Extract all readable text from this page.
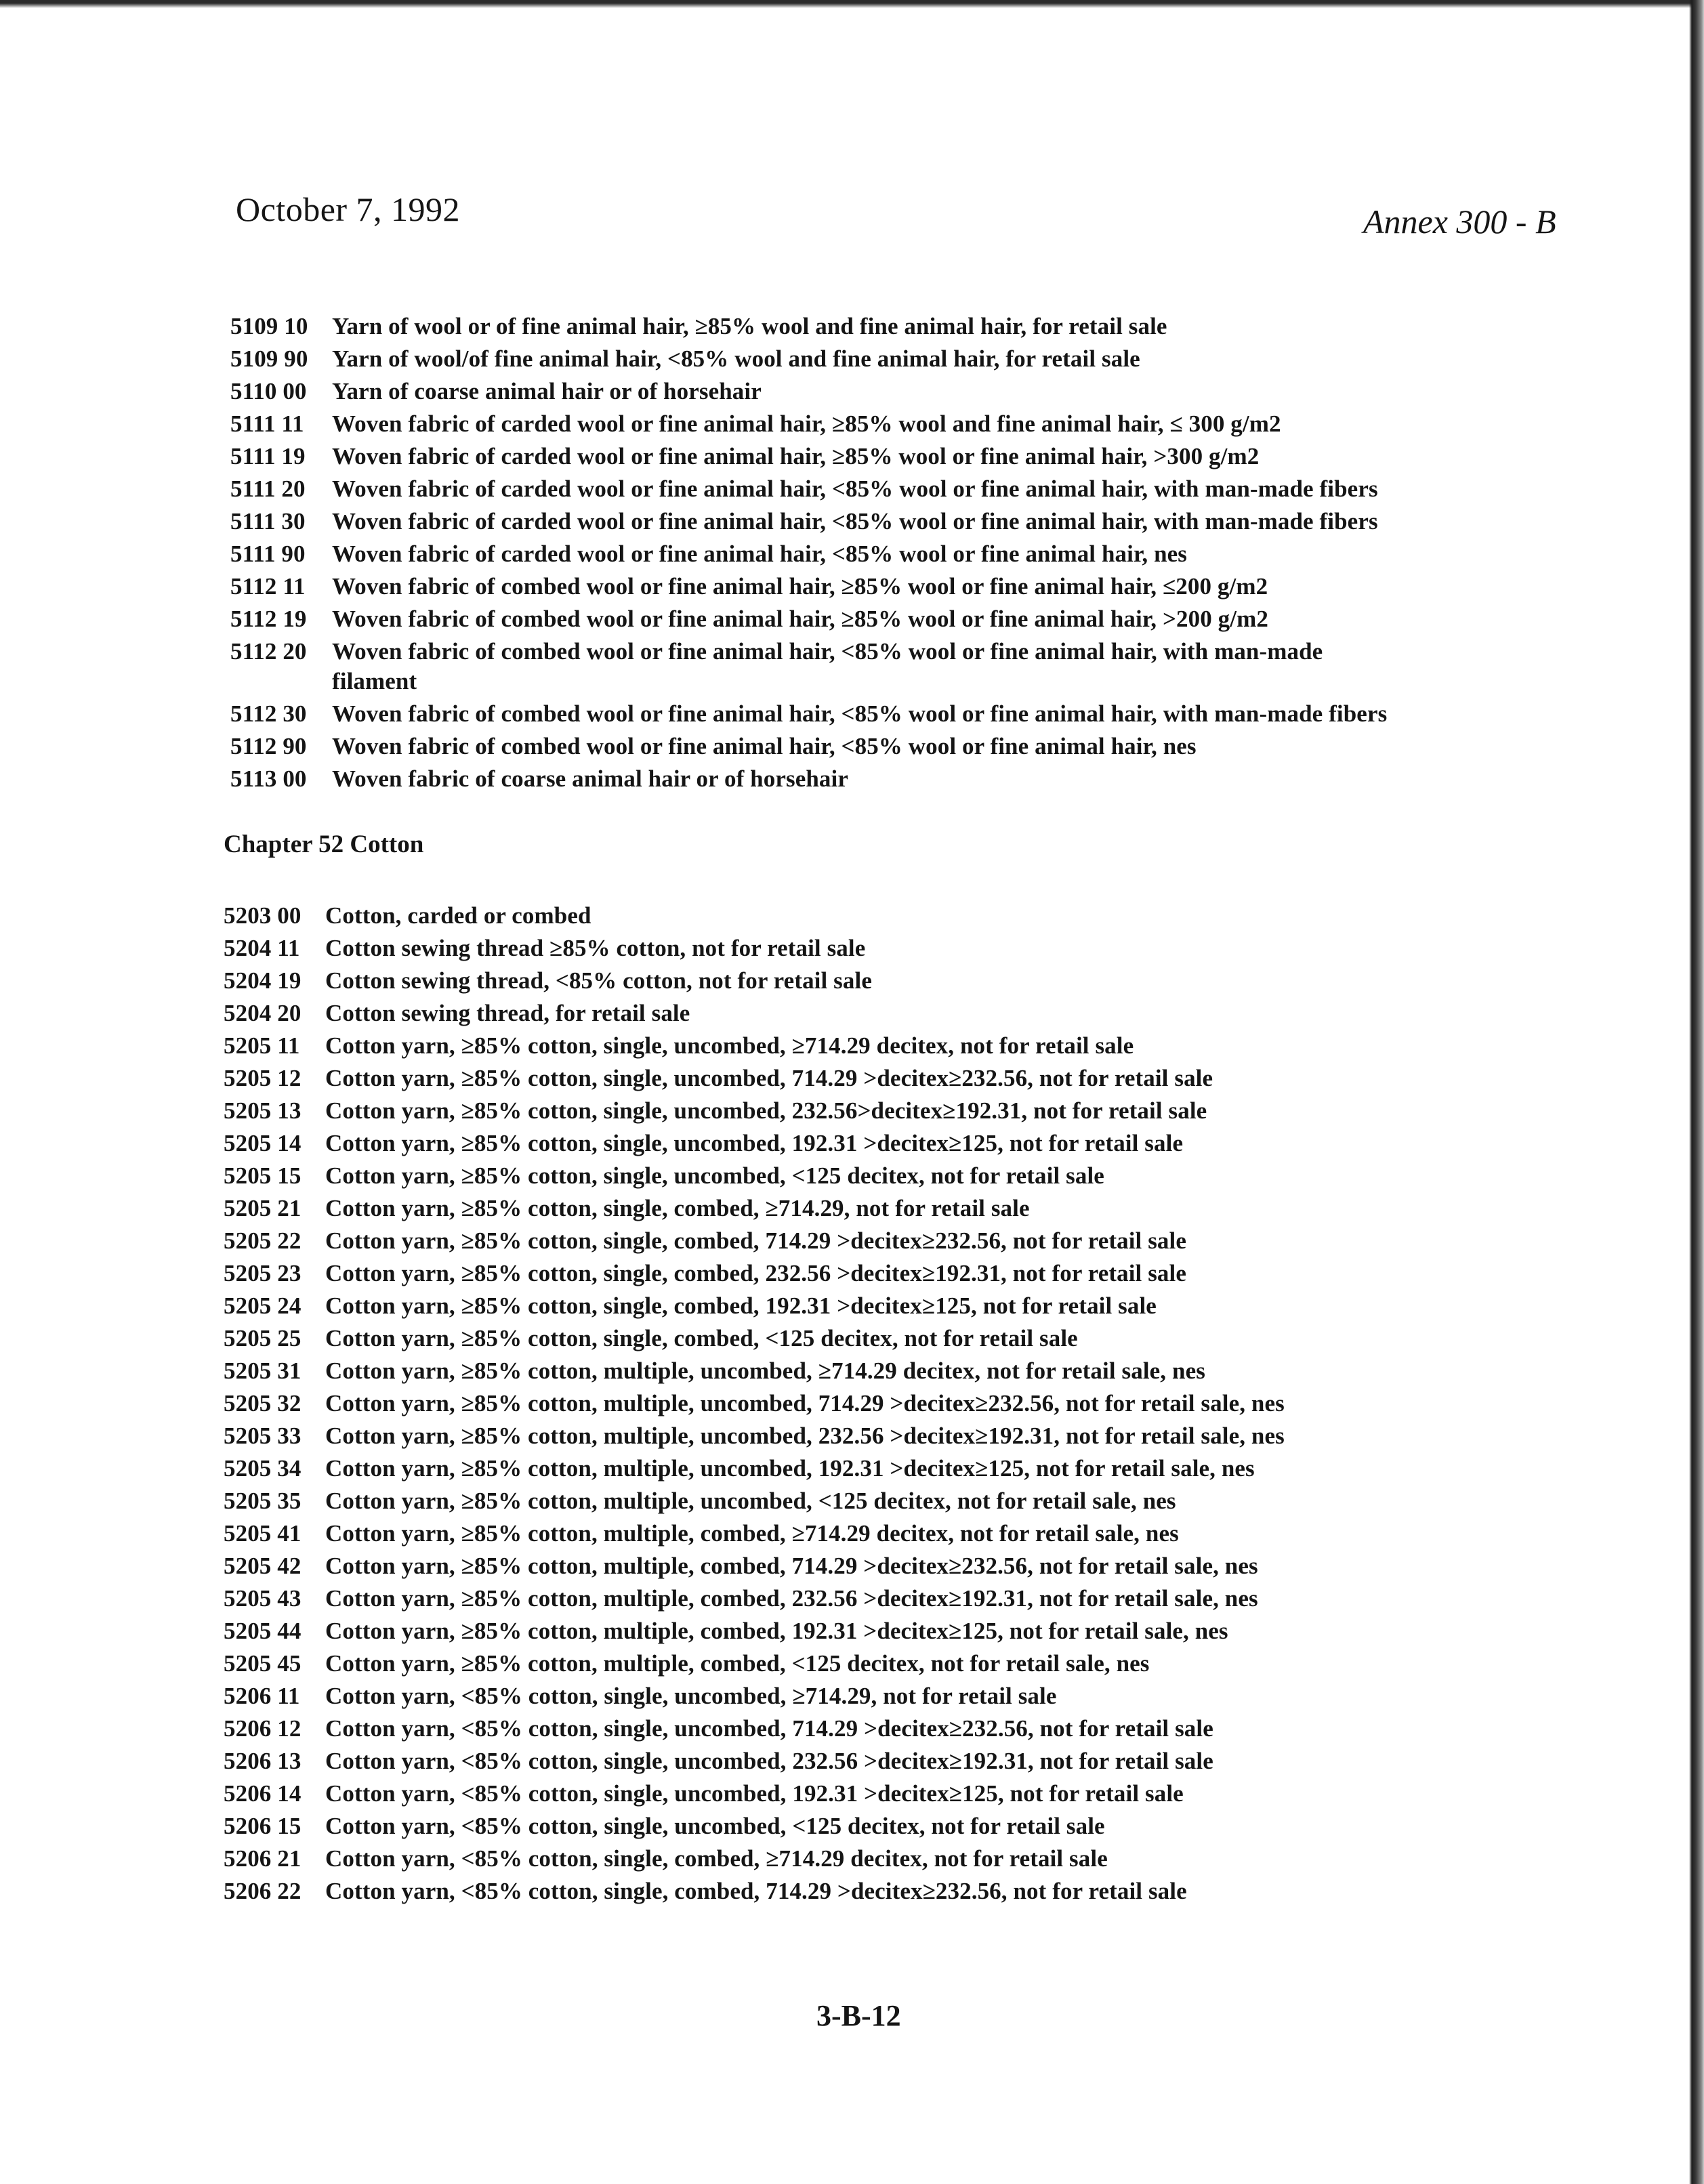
October 7, 1992	Annex 300 - B
5109 10 Yarn of wool or of fine animal hair, ≥85% wool and fine animal hair, for retail sale
5109 90 Yarn of wool/of fine animal hair, <85% wool and fine animal hair, for retail sale
5110 00 Yarn of coarse animal hair or of horsehair
5111 11 Woven fabric of carded wool or fine animal hair, ≥85% wool and fine animal hair, ≤ 300 g/m2
5111 19 Woven fabric of carded wool or fine animal hair, ≥85% wool or fine animal hair, >300 g/m2
5111 20 Woven fabric of carded wool or fine animal hair, <85% wool or fine animal hair, with man-made fibers
5111 30 Woven fabric of carded wool or fine animal hair, <85% wool or fine animal hair, with man-made fibers
5111 90 Woven fabric of carded wool or fine animal hair, <85% wool or fine animal hair, nes
5112 11 Woven fabric of combed wool or fine animal hair, ≥85% wool or fine animal hair, ≤200 g/m2
5112 19 Woven fabric of combed wool or fine animal hair, ≥85% wool or fine animal hair, >200 g/m2
5112 20 Woven fabric of combed wool or fine animal hair, <85% wool or fine animal hair, with man-made
filament
5112 30 Woven fabric of combed wool or fine animal hair, <85% wool or fine animal hair, with man-made fibers
5112 90 Woven fabric of combed wool or fine animal hair, <85% wool or fine animal hair, nes
5113 00 Woven fabric of coarse animal hair or of horsehair
Chapter 52 Cotton
5203 00 Cotton, carded or combed
5204 11 Cotton sewing thread ≥85% cotton, not for retail sale
5204 19 Cotton sewing thread, <85% cotton, not for retail sale
5204 20 Cotton sewing thread, for retail sale
5205 11 Cotton yarn, ≥85% cotton, single, uncombed, ≥714.29 decitex, not for retail sale
5205 12 Cotton yarn, ≥85% cotton, single, uncombed, 714.29 >decitex≥232.56, not for retail sale
5205 13 Cotton yarn, ≥85% cotton, single, uncombed, 232.56>decitex≥192.31, not for retail sale
5205 14 Cotton yarn, ≥85% cotton, single, uncombed, 192.31 >decitex≥125, not for retail sale
5205 15 Cotton yarn, ≥85% cotton, single, uncombed, <125 decitex, not for retail sale
5205 21 Cotton yarn, ≥85% cotton, single, combed, ≥714.29, not for retail sale
5205 22 Cotton yarn, ≥85% cotton, single, combed, 714.29 >decitex≥232.56, not for retail sale
5205 23 Cotton yarn, ≥85% cotton, single, combed, 232.56 >decitex≥192.31, not for retail sale
5205 24 Cotton yarn, ≥85% cotton, single, combed, 192.31 >decitex≥125, not for retail sale
5205 25 Cotton yarn, ≥85% cotton, single, combed, <125 decitex, not for retail sale
5205 31 Cotton yarn, ≥85% cotton, multiple, uncombed, ≥714.29 decitex, not for retail sale, nes
5205 32 Cotton yarn, ≥85% cotton, multiple, uncombed, 714.29 >decitex≥232.56, not for retail sale, nes
5205 33 Cotton yarn, ≥85% cotton, multiple, uncombed, 232.56 >decitex≥192.31, not for retail sale, nes
5205 34 Cotton yarn, ≥85% cotton, multiple, uncombed, 192.31 >decitex≥125, not for retail sale, nes
5205 35 Cotton yarn, ≥85% cotton, multiple, uncombed, <125 decitex, not for retail sale, nes
5205 41 Cotton yarn, ≥85% cotton, multiple, combed, ≥714.29 decitex, not for retail sale, nes
5205 42 Cotton yarn, ≥85% cotton, multiple, combed, 714.29 >decitex≥232.56, not for retail sale, nes
5205 43 Cotton yarn, ≥85% cotton, multiple, combed, 232.56 >decitex≥192.31, not for retail sale, nes
5205 44 Cotton yarn, ≥85% cotton, multiple, combed, 192.31 >decitex≥125, not for retail sale, nes
5205 45 Cotton yarn, ≥85% cotton, multiple, combed, <125 decitex, not for retail sale, nes
5206 11 Cotton yarn, <85% cotton, single, uncombed, ≥714.29, not for retail sale
5206 12 Cotton yarn, <85% cotton, single, uncombed, 714.29 >decitex≥232.56, not for retail sale
5206 13 Cotton yarn, <85% cotton, single, uncombed, 232.56 >decitex≥192.31, not for retail sale
5206 14 Cotton yarn, <85% cotton, single, uncombed, 192.31 >decitex≥125, not for retail sale
5206 15 Cotton yarn, <85% cotton, single, uncombed, <125 decitex, not for retail sale
5206 21 Cotton yarn, <85% cotton, single, combed, ≥714.29 decitex, not for retail sale
5206 22 Cotton yarn, <85% cotton, single, combed, 714.29 >decitex≥232.56, not for retail sale
3-B-12
